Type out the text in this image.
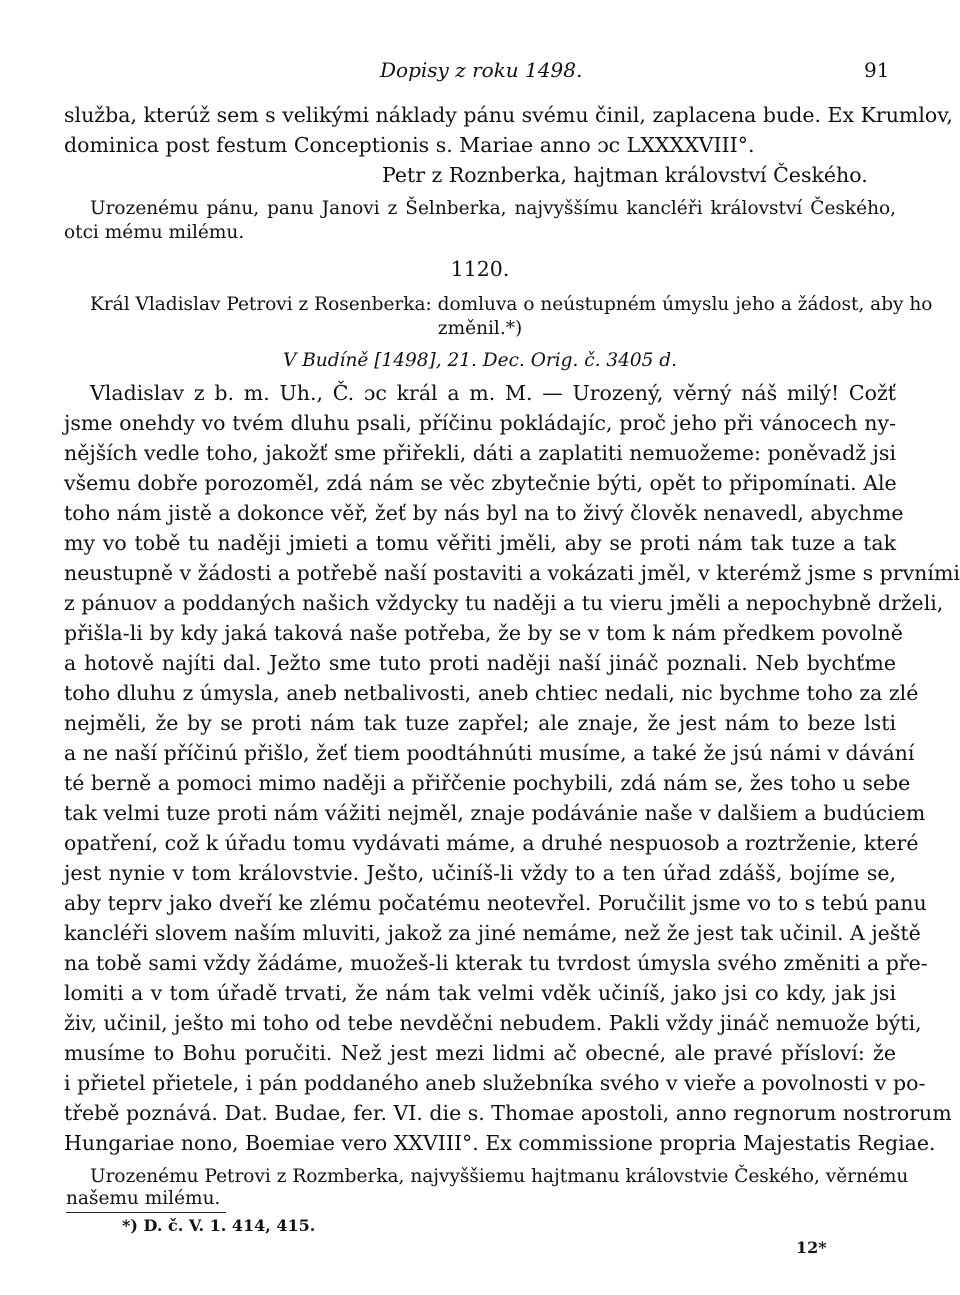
Dopisy z roku 1498.	91
služba, kterúž sem s velikými náklady pánu svému činil, zaplacena bude. Ex Krumlov,
dominica post festum Conceptionis s. Mariae anno ɔc LXXXXVIII°.
Petr z Roznberka, hajtman království Českého.
Urozenému pánu, panu Janovi z Šelnberka, najvyššímu kancléři království Českého,
otci mému milému.
1120.
Král Vladislav Petrovi z Rosenberka: domluva o neústupném úmyslu jeho a žádost, aby ho
změnil.*)
V Budíně [1498], 21. Dec. Orig. č. 3405 d.
Vladislav z b. m. Uh., Č. ɔc král a m. M. — Urozený, věrný náš milý! Cožť
jsme onehdy vo tvém dluhu psali, příčinu pokládajíc, proč jeho při vánocech ny-
nějších vedle toho, jakožť sme přiřekli, dáti a zaplatiti nemuožeme: poněvadž jsi
všemu dobře porozoměl, zdá nám se věc zbytečnie býti, opět to připomínati. Ale
toho nám jistě a dokonce věř, žeť by nás byl na to živý člověk nenavedl, abychme
my vo tobě tu naději jmieti a tomu věřiti jměli, aby se proti nám tak tuze a tak
neustupně v žádosti a potřebě naší postaviti a vokázati jměl, v kterémž jsme s prvními
z pánuov a poddaných našich vždycky tu naději a tu vieru jměli a nepochybně drželi,
přišla-li by kdy jaká taková naše potřeba, že by se v tom k nám předkem povolně
a hotově najíti dal. Ježto sme tuto proti naději naší jináč poznali. Neb bychťme
toho dluhu z úmysla, aneb netbalivosti, aneb chtiec nedali, nic bychme toho za zlé
nejměli, že by se proti nám tak tuze zapřel; ale znaje, že jest nám to beze lsti
a ne naší příčinú přišlo, žeť tiem poodtáhnúti musíme, a také že jsú námi v dávání
té berně a pomoci mimo naději a přiřčenie pochybili, zdá nám se, žes toho u sebe
tak velmi tuze proti nám vážiti nejměl, znaje podávánie naše v dalšiem a budúciem
opatření, což k úřadu tomu vydávati máme, a druhé nespuosob a roztrženie, které
jest nynie v tom královstvie. Ješto, učiníš-li vždy to a ten úřad zdášš, bojíme se,
aby teprv jako dveří ke zlému počatému neotevřel. Poručilit jsme vo to s tebú panu
kancléři slovem naším mluviti, jakož za jiné nemáme, než že jest tak učinil. A ještě
na tobě sami vždy žádáme, muožeš-li kterak tu tvrdost úmysla svého změniti a pře-
lomiti a v tom úřadě trvati, že nám tak velmi vděk učiníš, jako jsi co kdy, jak jsi
živ, učinil, ješto mi toho od tebe nevděčni nebudem. Pakli vždy jináč nemuože býti,
musíme to Bohu poručiti. Než jest mezi lidmi ač obecné, ale pravé přísloví: že
i přietel přietele, i pán poddaného aneb služebníka svého v vieře a povolnosti v po-
třebě poznává. Dat. Budae, fer. VI. die s. Thomae apostoli, anno regnorum nostrorum
Hungariae nono, Boemiae vero XXVIII°. Ex commissione propria Majestatis Regiae.
Urozenému Petrovi z Rozmberka, najvyššiemu hajtmanu královstvie Českého, věrnému
našemu milému.
*) D. č. V. 1. 414, 415.
12*
